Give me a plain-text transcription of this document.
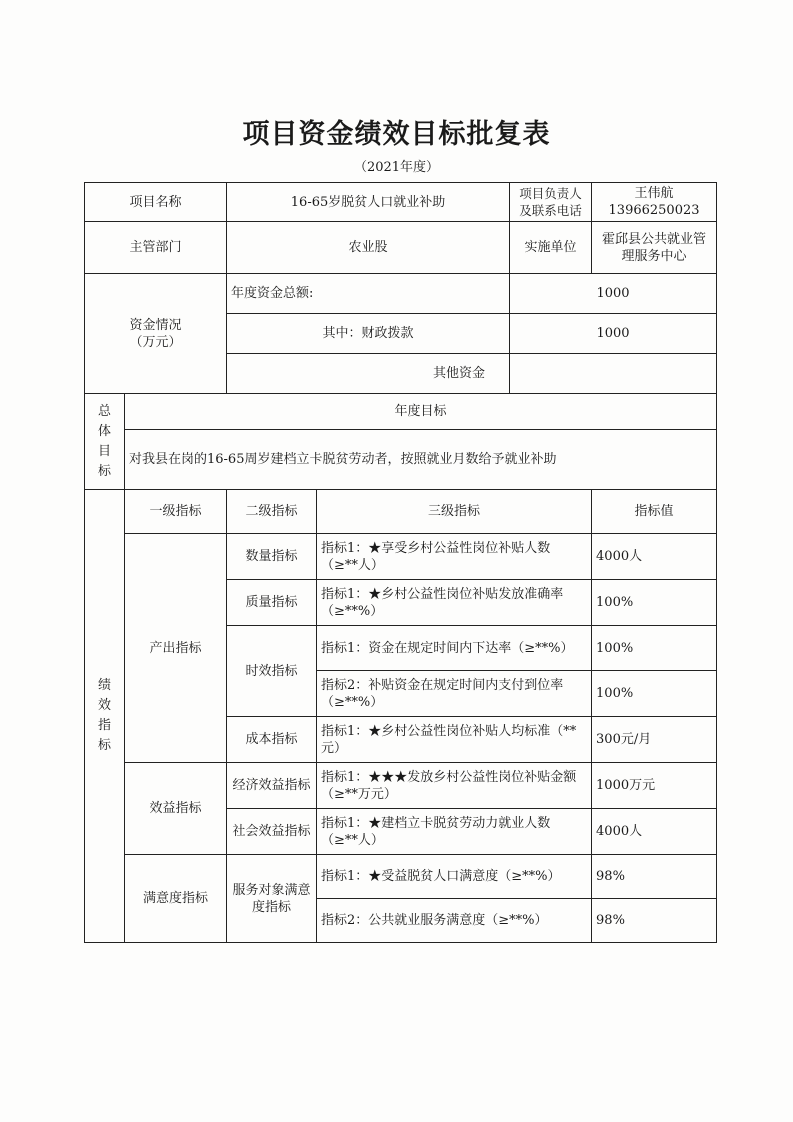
项目资金绩效目标批复表
（2021年度）
项目名称		16-65岁脱贫人口就业补助		项目负责人及联系电话	王伟航13966250023
主管部门		农业股		实施单位	霍邱县公共就业管理服务中心
资金情况
（万元）		年度资金总额:		1000	
		其中：财政拨款		1000	
		其他资金			

总
体
目
标	年度目标				
	对我县在岗的16-65周岁建档立卡脱贫劳动者，按照就业月数给予就业补助				

绩
效
指
标	一级指标	二级指标	三级指标		指标值
	产出指标	数量指标	指标1：★享受乡村公益性岗位补贴人数（≥**人）		4000人
		质量指标	指标1：★乡村公益性岗位补贴发放准确率（≥**%）		100%
		时效指标	指标1：资金在规定时间内下达率（≥**%）		100%
			指标2：补贴资金在规定时间内支付到位率（≥**%）		100%
		成本指标	指标1：★乡村公益性岗位补贴人均标准（**元）		300元/月
	效益指标	经济效益指标	指标1：★★★发放乡村公益性岗位补贴金额（≥**万元）		1000万元
		社会效益指标	指标1：★建档立卡脱贫劳动力就业人数（≥**人）		4000人
	满意度指标	服务对象满意度指标	指标1：★受益脱贫人口满意度（≥**%）		98%
			指标2：公共就业服务满意度（≥**%）		98%
